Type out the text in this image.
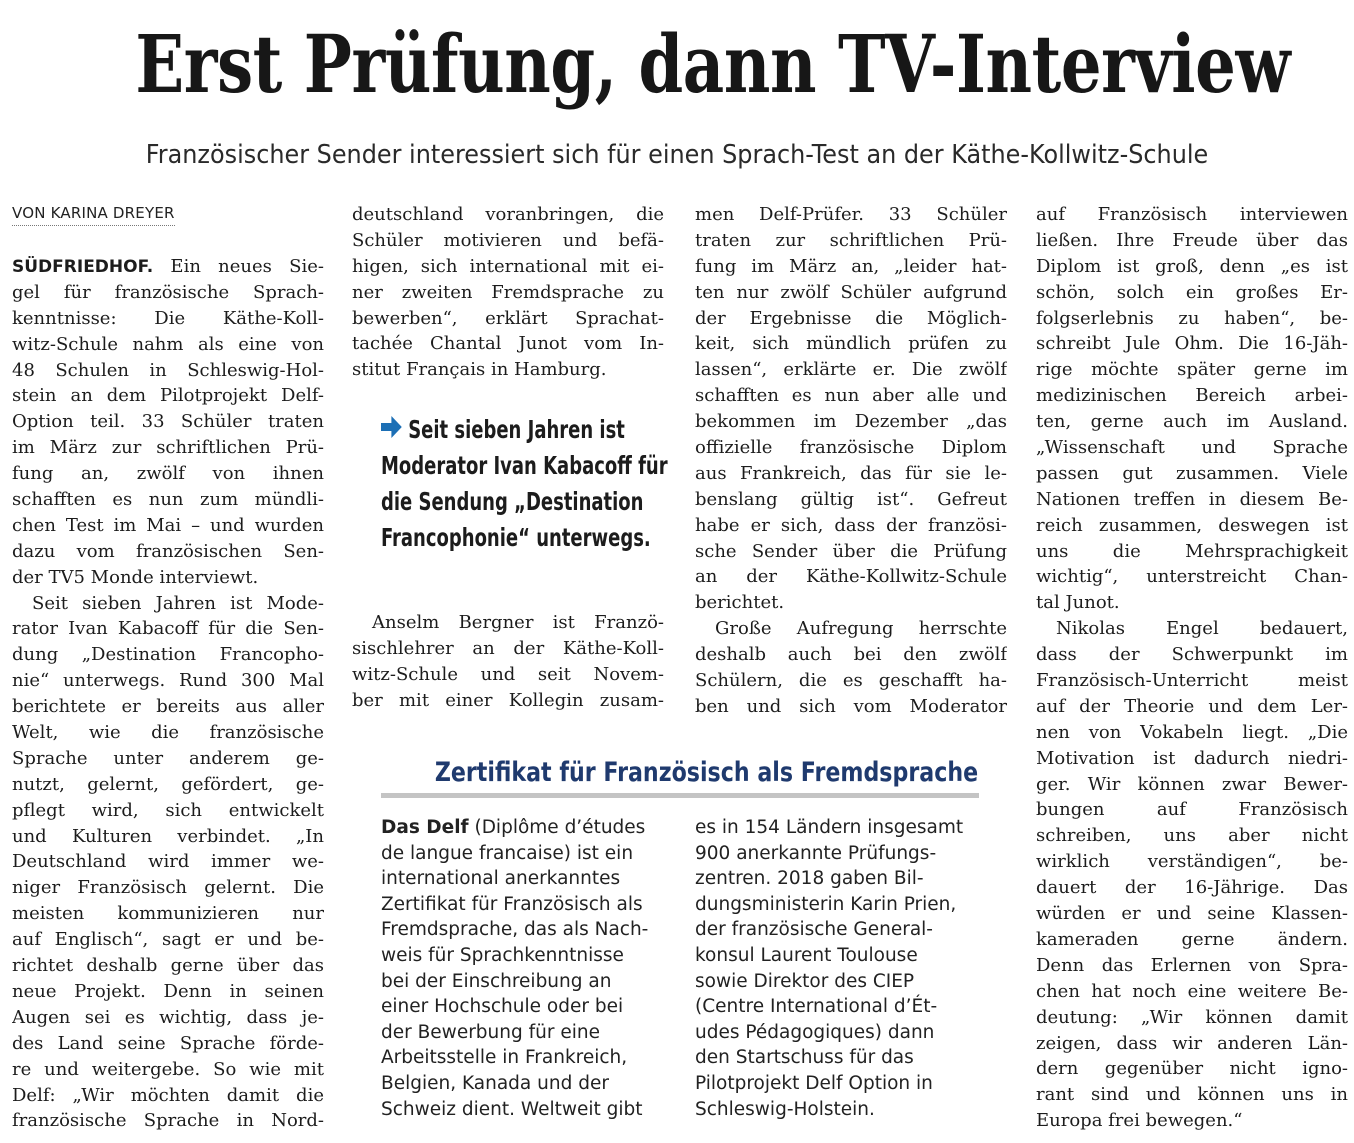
Erst Prüfung, dann TV-Interview

Französischer Sender interessiert sich für einen Sprach-Test an der Käthe-Kollwitz-Schule

VON KARINA DREYER
SÜDFRIEDHOF. Ein neues Sie-
gel für französische Sprach-
kenntnisse: Die Käthe-Koll-
witz-Schule nahm als eine von
48 Schulen in Schleswig-Hol-
stein an dem Pilotprojekt Delf-
Option teil. 33 Schüler traten
im März zur schriftlichen Prü-
fung an, zwölf von ihnen
schafften es nun zum mündli-
chen Test im Mai – und wurden
dazu vom französischen Sen-
der TV5 Monde interviewt.
Seit sieben Jahren ist Mode-
rator Ivan Kabacoff für die Sen-
dung „Destination Francopho-
nie“ unterwegs. Rund 300 Mal
berichtete er bereits aus aller
Welt, wie die französische
Sprache unter anderem ge-
nutzt, gelernt, gefördert, ge-
pflegt wird, sich entwickelt
und Kulturen verbindet. „In
Deutschland wird immer we-
niger Französisch gelernt. Die
meisten kommunizieren nur
auf Englisch“, sagt er und be-
richtet deshalb gerne über das
neue Projekt. Denn in seinen
Augen sei es wichtig, dass je-
des Land seine Sprache förde-
re und weitergebe. So wie mit
Delf: „Wir möchten damit die
französische Sprache in Nord-
deutschland voranbringen, die
Schüler motivieren und befä-
higen, sich international mit ei-
ner zweiten Fremdsprache zu
bewerben“, erklärt Sprachat-
tachée Chantal Junot vom In-
stitut Français in Hamburg.
Seit sieben Jahren ist
Moderator Ivan Kabacoff für
die Sendung „Destination
Francophonie“ unterwegs.
Anselm Bergner ist Franzö-
sischlehrer an der Käthe-Koll-
witz-Schule und seit Novem-
ber mit einer Kollegin zusam-
men Delf-Prüfer. 33 Schüler
traten zur schriftlichen Prü-
fung im März an, „leider hat-
ten nur zwölf Schüler aufgrund
der Ergebnisse die Möglich-
keit, sich mündlich prüfen zu
lassen“, erklärte er. Die zwölf
schafften es nun aber alle und
bekommen im Dezember „das
offizielle französische Diplom
aus Frankreich, das für sie le-
benslang gültig ist“. Gefreut
habe er sich, dass der französi-
sche Sender über die Prüfung
an der Käthe-Kollwitz-Schule
berichtet.
Große Aufregung herrschte
deshalb auch bei den zwölf
Schülern, die es geschafft ha-
ben und sich vom Moderator
auf Französisch interviewen
ließen. Ihre Freude über das
Diplom ist groß, denn „es ist
schön, solch ein großes Er-
folgserlebnis zu haben“, be-
schreibt Jule Ohm. Die 16-Jäh-
rige möchte später gerne im
medizinischen Bereich arbei-
ten, gerne auch im Ausland.
„Wissenschaft und Sprache
passen gut zusammen. Viele
Nationen treffen in diesem Be-
reich zusammen, deswegen ist
uns die Mehrsprachigkeit
wichtig“, unterstreicht Chan-
tal Junot.
Nikolas Engel bedauert,
dass der Schwerpunkt im
Französisch-Unterricht meist
auf der Theorie und dem Ler-
nen von Vokabeln liegt. „Die
Motivation ist dadurch niedri-
ger. Wir können zwar Bewer-
bungen auf Französisch
schreiben, uns aber nicht
wirklich verständigen“, be-
dauert der 16-Jährige. Das
würden er und seine Klassen-
kameraden gerne ändern.
Denn das Erlernen von Spra-
chen hat noch eine weitere Be-
deutung: „Wir können damit
zeigen, dass wir anderen Län-
dern gegenüber nicht igno-
rant sind und können uns in
Europa frei bewegen.“
Zertifikat für Französisch als Fremdsprache
Das Delf (Diplôme d’études
de langue francaise) ist ein
international anerkanntes
Zertifikat für Französisch als
Fremdsprache, das als Nach-
weis für Sprachkenntnisse
bei der Einschreibung an
einer Hochschule oder bei
der Bewerbung für eine
Arbeitsstelle in Frankreich,
Belgien, Kanada und der
Schweiz dient. Weltweit gibt
es in 154 Ländern insgesamt
900 anerkannte Prüfungs-
zentren. 2018 gaben Bil-
dungsministerin Karin Prien,
der französische General-
konsul Laurent Toulouse
sowie Direktor des CIEP
(Centre International d’Ét-
udes Pédagogiques) dann
den Startschuss für das
Pilotprojekt Delf Option in
Schleswig-Holstein.
